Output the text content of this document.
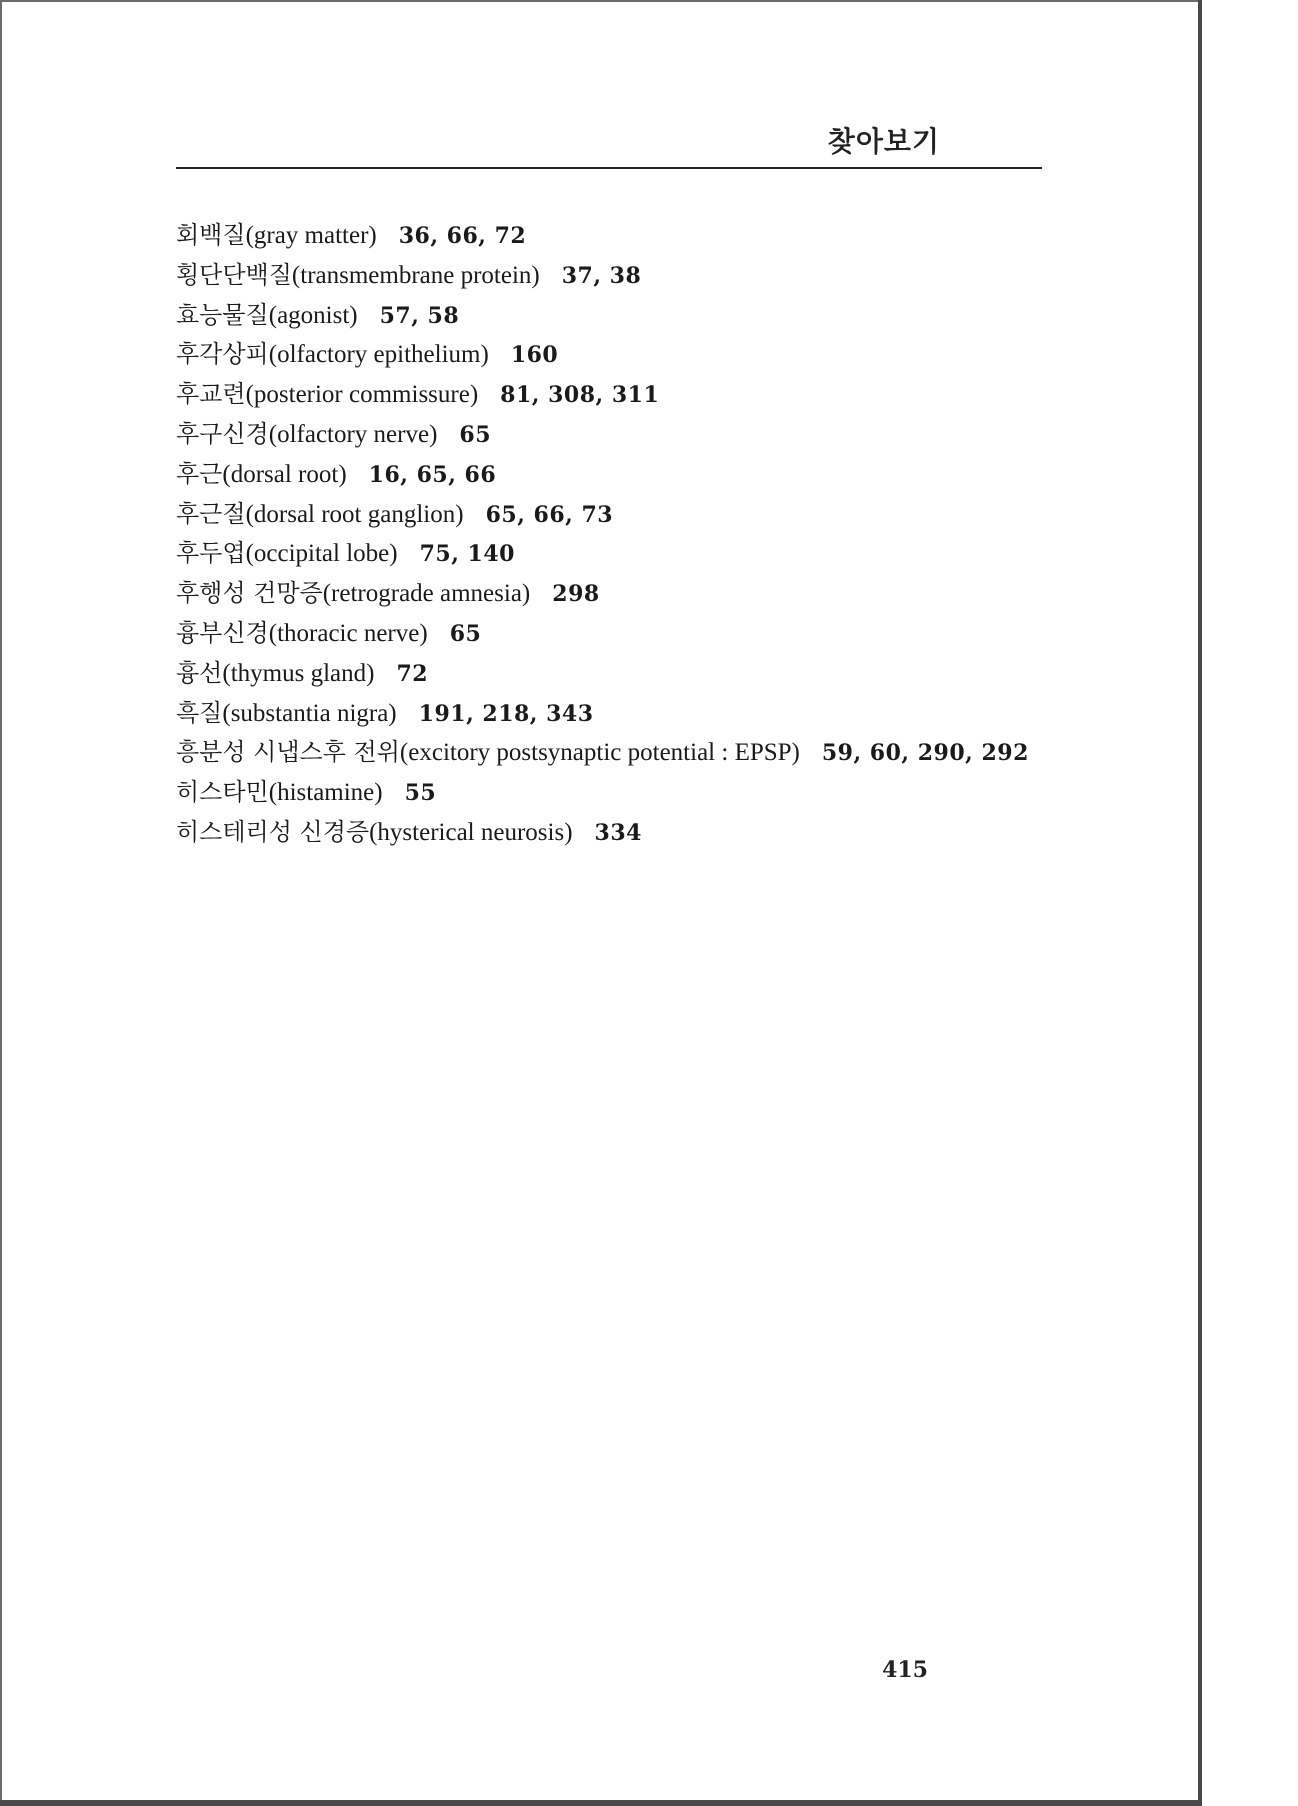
찾아보기
회백질(gray matter) 36, 66, 72
횡단단백질(transmembrane protein) 37, 38
효능물질(agonist) 57, 58
후각상피(olfactory epithelium) 160
후교련(posterior commissure) 81, 308, 311
후구신경(olfactory nerve) 65
후근(dorsal root) 16, 65, 66
후근절(dorsal root ganglion) 65, 66, 73
후두엽(occipital lobe) 75, 140
후행성 건망증(retrograde amnesia) 298
흉부신경(thoracic nerve) 65
흉선(thymus gland) 72
흑질(substantia nigra) 191, 218, 343
흥분성 시냅스후 전위(excitory postsynaptic potential : EPSP) 59, 60, 290, 292
히스타민(histamine) 55
히스테리성 신경증(hysterical neurosis) 334
415
